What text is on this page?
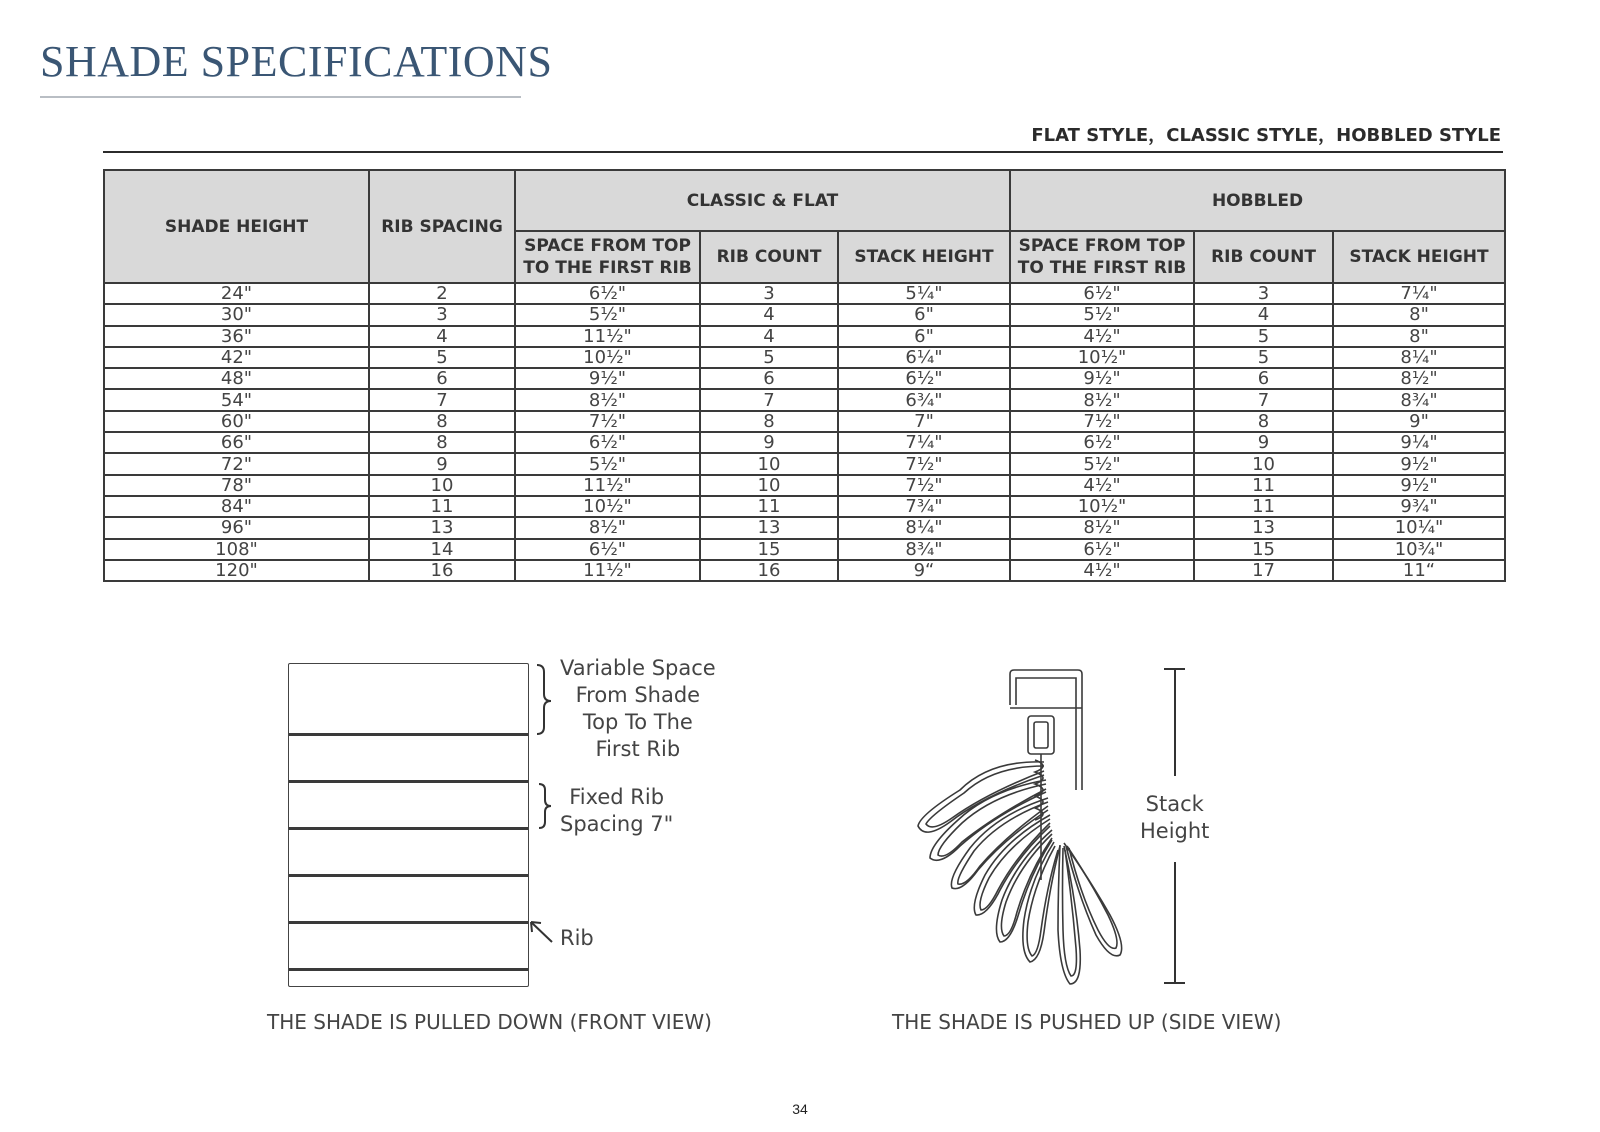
SHADE SPECIFICATIONS
FLAT STYLE，CLASSIC STYLE，HOBBLED STYLE
SHADE HEIGHT	RIB SPACING	CLASSIC & FLAT			HOBBLED		
		SPACE FROM TOP
TO THE FIRST RIB	RIB COUNT	STACK HEIGHT	SPACE FROM TOP
TO THE FIRST RIB	RIB COUNT	STACK HEIGHT
24"	2	6½"	3	5¼"	6½"	3	7¼"
30"	3	5½"	4	6"	5½"	4	8"
36"	4	11½"	4	6"	4½"	5	8"
42"	5	10½"	5	6¼"	10½"	5	8¼"
48"	6	9½"	6	6½"	9½"	6	8½"
54"	7	8½"	7	6¾"	8½"	7	8¾"
60"	8	7½"	8	7"	7½"	8	9"
66"	8	6½"	9	7¼"	6½"	9	9¼"
72"	9	5½"	10	7½"	5½"	10	9½"
78"	10	11½"	10	7½"	4½"	11	9½"
84"	11	10½"	11	7¾"	10½"	11	9¾"
96"	13	8½"	13	8¼"	8½"	13	10¼"
108"	14	6½"	15	8¾"	6½"	15	10¾"
120"	16	11½"	16	9“	4½"	17	11“
Variable Space
From Shade
Top To The
First Rib
Fixed Rib
Spacing 7"
Rib
Stack
Height
THE SHADE IS PULLED DOWN (FRONT VIEW)	THE SHADE IS PUSHED UP (SIDE VIEW)
34
